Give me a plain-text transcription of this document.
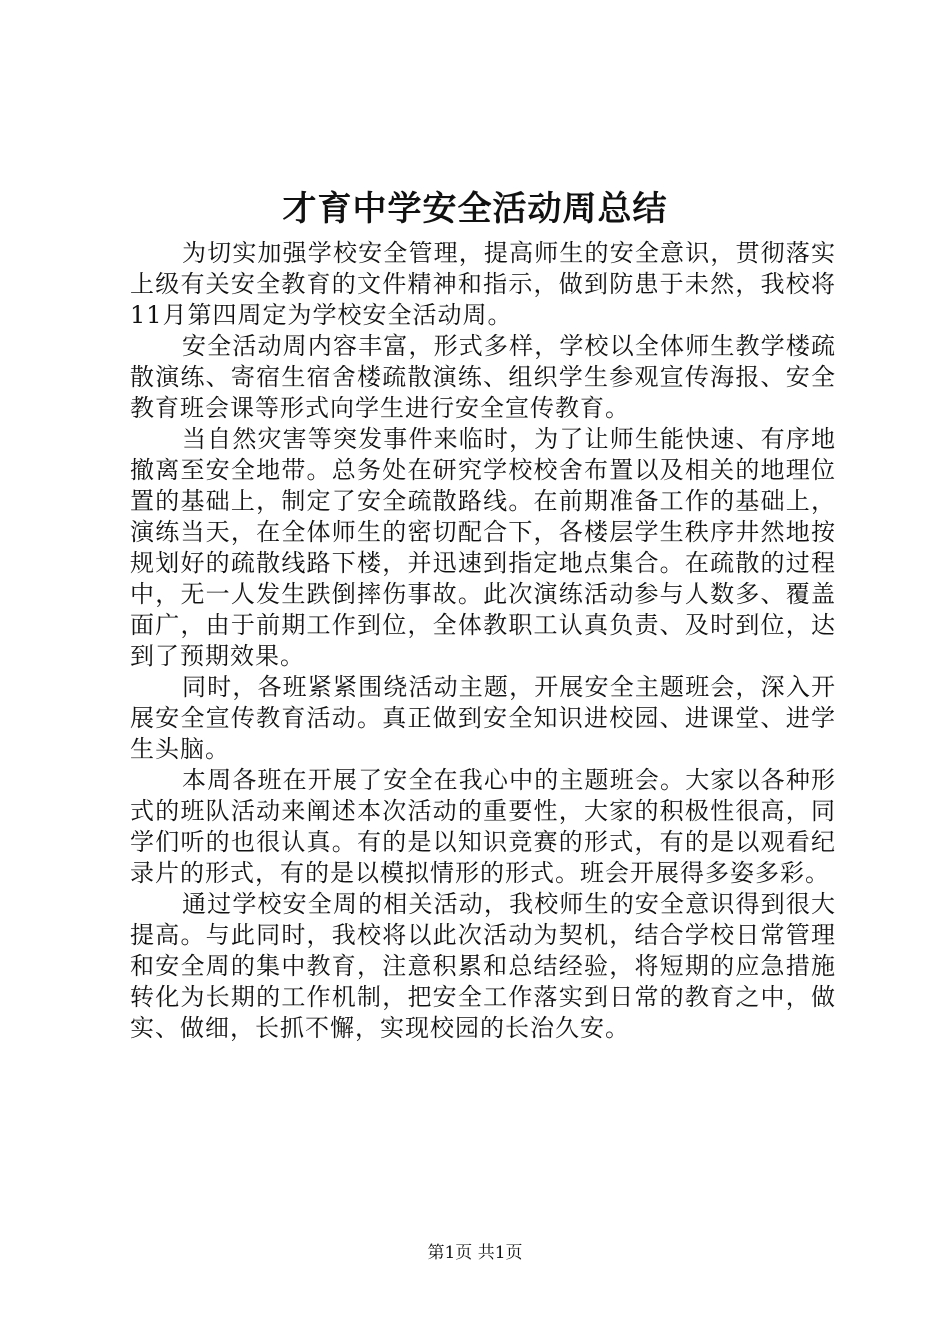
才育中学安全活动周总结

为切实加强学校安全管理，提高师生的安全意识，贯彻落实上级有关安全教育的文件精神和指示，做到防患于未然，我校将11月第四周定为学校安全活动周。

安全活动周内容丰富，形式多样，学校以全体师生教学楼疏散演练、寄宿生宿舍楼疏散演练、组织学生参观宣传海报、安全教育班会课等形式向学生进行安全宣传教育。

当自然灾害等突发事件来临时，为了让师生能快速、有序地撤离至安全地带。总务处在研究学校校舍布置以及相关的地理位置的基础上，制定了安全疏散路线。在前期准备工作的基础上，演练当天，在全体师生的密切配合下，各楼层学生秩序井然地按规划好的疏散线路下楼，并迅速到指定地点集合。在疏散的过程中，无一人发生跌倒摔伤事故。此次演练活动参与人数多、覆盖面广，由于前期工作到位，全体教职工认真负责、及时到位，达到了预期效果。

同时，各班紧紧围绕活动主题，开展安全主题班会，深入开展安全宣传教育活动。真正做到安全知识进校园、进课堂、进学生头脑。

本周各班在开展了安全在我心中的主题班会。大家以各种形式的班队活动来阐述本次活动的重要性，大家的积极性很高，同学们听的也很认真。有的是以知识竞赛的形式，有的是以观看纪录片的形式，有的是以模拟情形的形式。班会开展得多姿多彩。

通过学校安全周的相关活动，我校师生的安全意识得到很大提高。与此同时，我校将以此次活动为契机，结合学校日常管理和安全周的集中教育，注意积累和总结经验，将短期的应急措施转化为长期的工作机制，把安全工作落实到日常的教育之中，做实、做细，长抓不懈，实现校园的长治久安。

第1页 共1页
